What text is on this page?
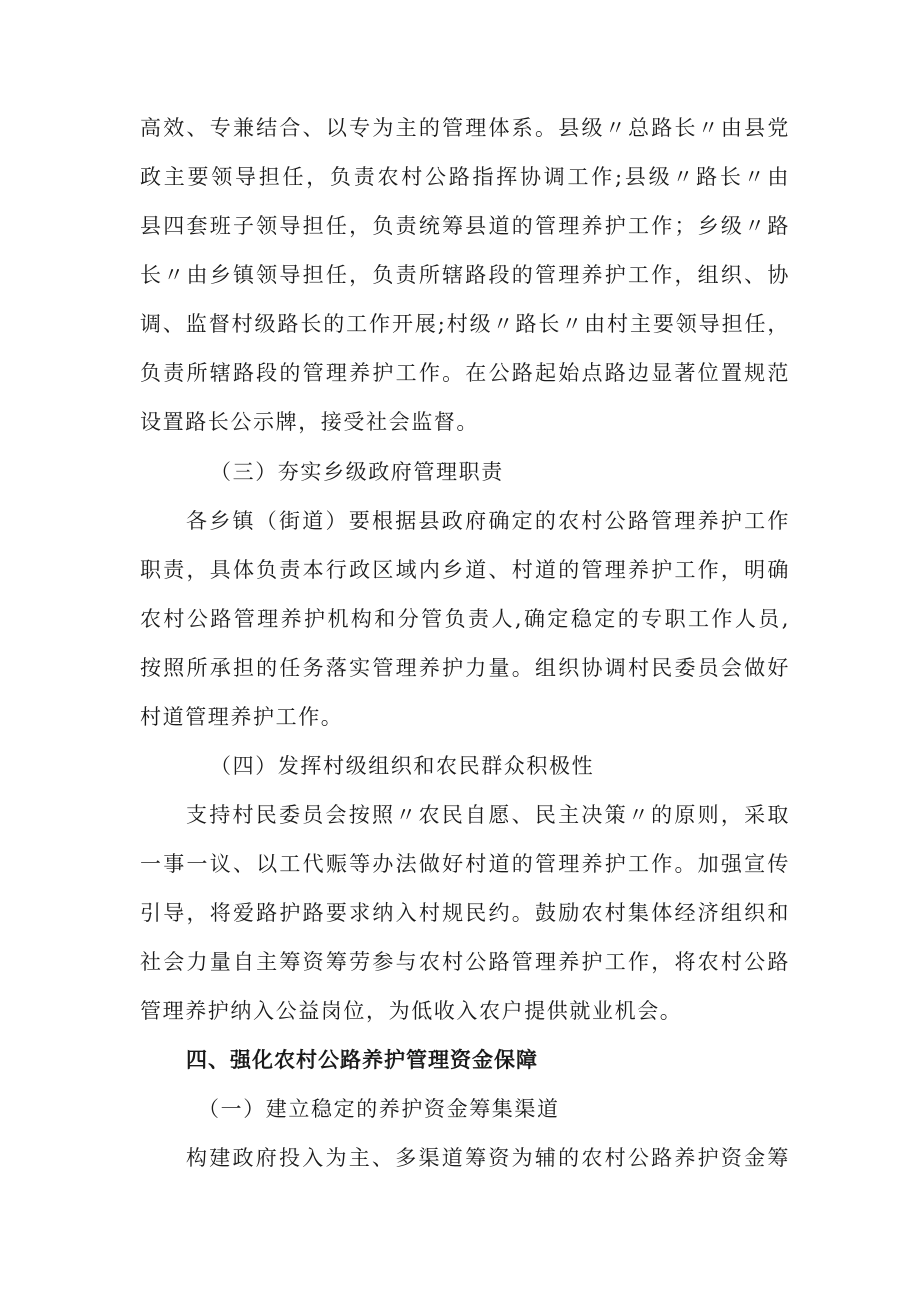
高效、专兼结合、以专为主的管理体系。县级〃总路长〃由县党
政主要领导担任，负责农村公路指挥协调工作;县级〃路长〃由
县四套班子领导担任，负责统筹县道的管理养护工作；乡级〃路
长〃由乡镇领导担任，负责所辖路段的管理养护工作，组织、协
调、监督村级路长的工作开展;村级〃路长〃由村主要领导担任，
负责所辖路段的管理养护工作。在公路起始点路边显著位置规范
设置路长公示牌，接受社会监督。
（三）夯实乡级政府管理职责
各乡镇（街道）要根据县政府确定的农村公路管理养护工作
职责，具体负责本行政区域内乡道、村道的管理养护工作，明确
农村公路管理养护机构和分管负责人,确定稳定的专职工作人员,
按照所承担的任务落实管理养护力量。组织协调村民委员会做好
村道管理养护工作。
（四）发挥村级组织和农民群众积极性
支持村民委员会按照〃农民自愿、民主决策〃的原则，采取
一事一议、以工代赈等办法做好村道的管理养护工作。加强宣传
引导，将爱路护路要求纳入村规民约。鼓励农村集体经济组织和
社会力量自主筹资筹劳参与农村公路管理养护工作，将农村公路
管理养护纳入公益岗位，为低收入农户提供就业机会。
四、强化农村公路养护管理资金保障
（一）建立稳定的养护资金筹集渠道
构建政府投入为主、多渠道筹资为辅的农村公路养护资金筹
